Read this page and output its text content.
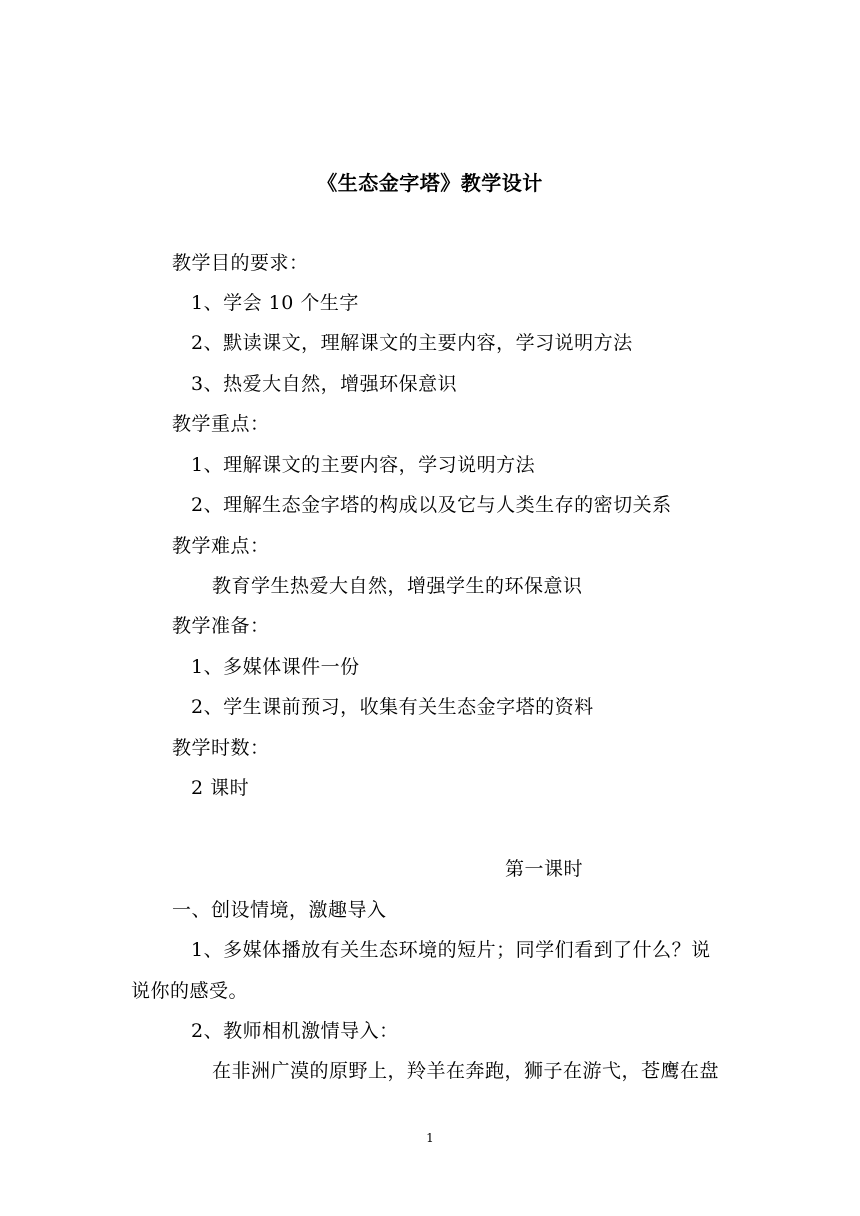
《生态金字塔》教学设计
教学目的要求：
1、学会 10 个生字
2、默读课文，理解课文的主要内容，学习说明方法
3、热爱大自然，增强环保意识
教学重点：
1、理解课文的主要内容，学习说明方法
2、理解生态金字塔的构成以及它与人类生存的密切关系
教学难点：
教育学生热爱大自然，增强学生的环保意识
教学准备：
1、多媒体课件一份
2、学生课前预习，收集有关生态金字塔的资料
教学时数：
2 课时
第一课时
一、创设情境，激趣导入
1、多媒体播放有关生态环境的短片；同学们看到了什么？说
说你的感受。
2、教师相机激情导入：
在非洲广漠的原野上，羚羊在奔跑，狮子在游弋，苍鹰在盘
1
